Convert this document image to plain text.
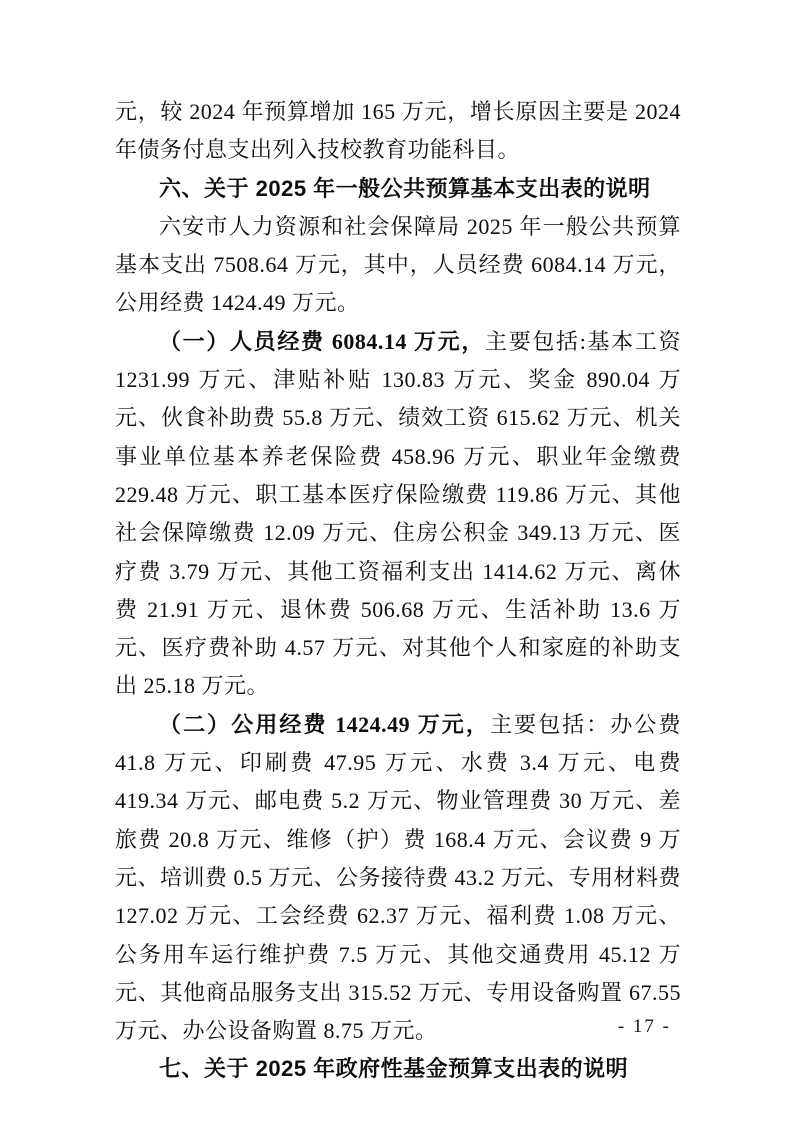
元，较 2024 年预算增加 165 万元，增长原因主要是 2024 年债务付息支出列入技校教育功能科目。

六、关于 2025 年一般公共预算基本支出表的说明

六安市人力资源和社会保障局 2025 年一般公共预算基本支出 7508.64 万元，其中，人员经费 6084.14 万元，公用经费 1424.49 万元。

（一）人员经费 6084.14 万元，主要包括:基本工资 1231.99 万元、津贴补贴 130.83 万元、奖金 890.04 万元、伙食补助费 55.8 万元、绩效工资 615.62 万元、机关事业单位基本养老保险费 458.96 万元、职业年金缴费 229.48 万元、职工基本医疗保险缴费 119.86 万元、其他社会保障缴费 12.09 万元、住房公积金 349.13 万元、医疗费 3.79 万元、其他工资福利支出 1414.62 万元、离休费 21.91 万元、退休费 506.68 万元、生活补助 13.6 万元、医疗费补助 4.57 万元、对其他个人和家庭的补助支出 25.18 万元。

（二）公用经费 1424.49 万元，主要包括：办公费 41.8 万元、印刷费 47.95 万元、水费 3.4 万元、电费 419.34 万元、邮电费 5.2 万元、物业管理费 30 万元、差旅费 20.8 万元、维修（护）费 168.4 万元、会议费 9 万元、培训费 0.5 万元、公务接待费 43.2 万元、专用材料费 127.02 万元、工会经费 62.37 万元、福利费 1.08 万元、公务用车运行维护费 7.5 万元、其他交通费用 45.12 万元、其他商品服务支出 315.52 万元、专用设备购置 67.55 万元、办公设备购置 8.75 万元。

七、关于 2025 年政府性基金预算支出表的说明

- 17 -
